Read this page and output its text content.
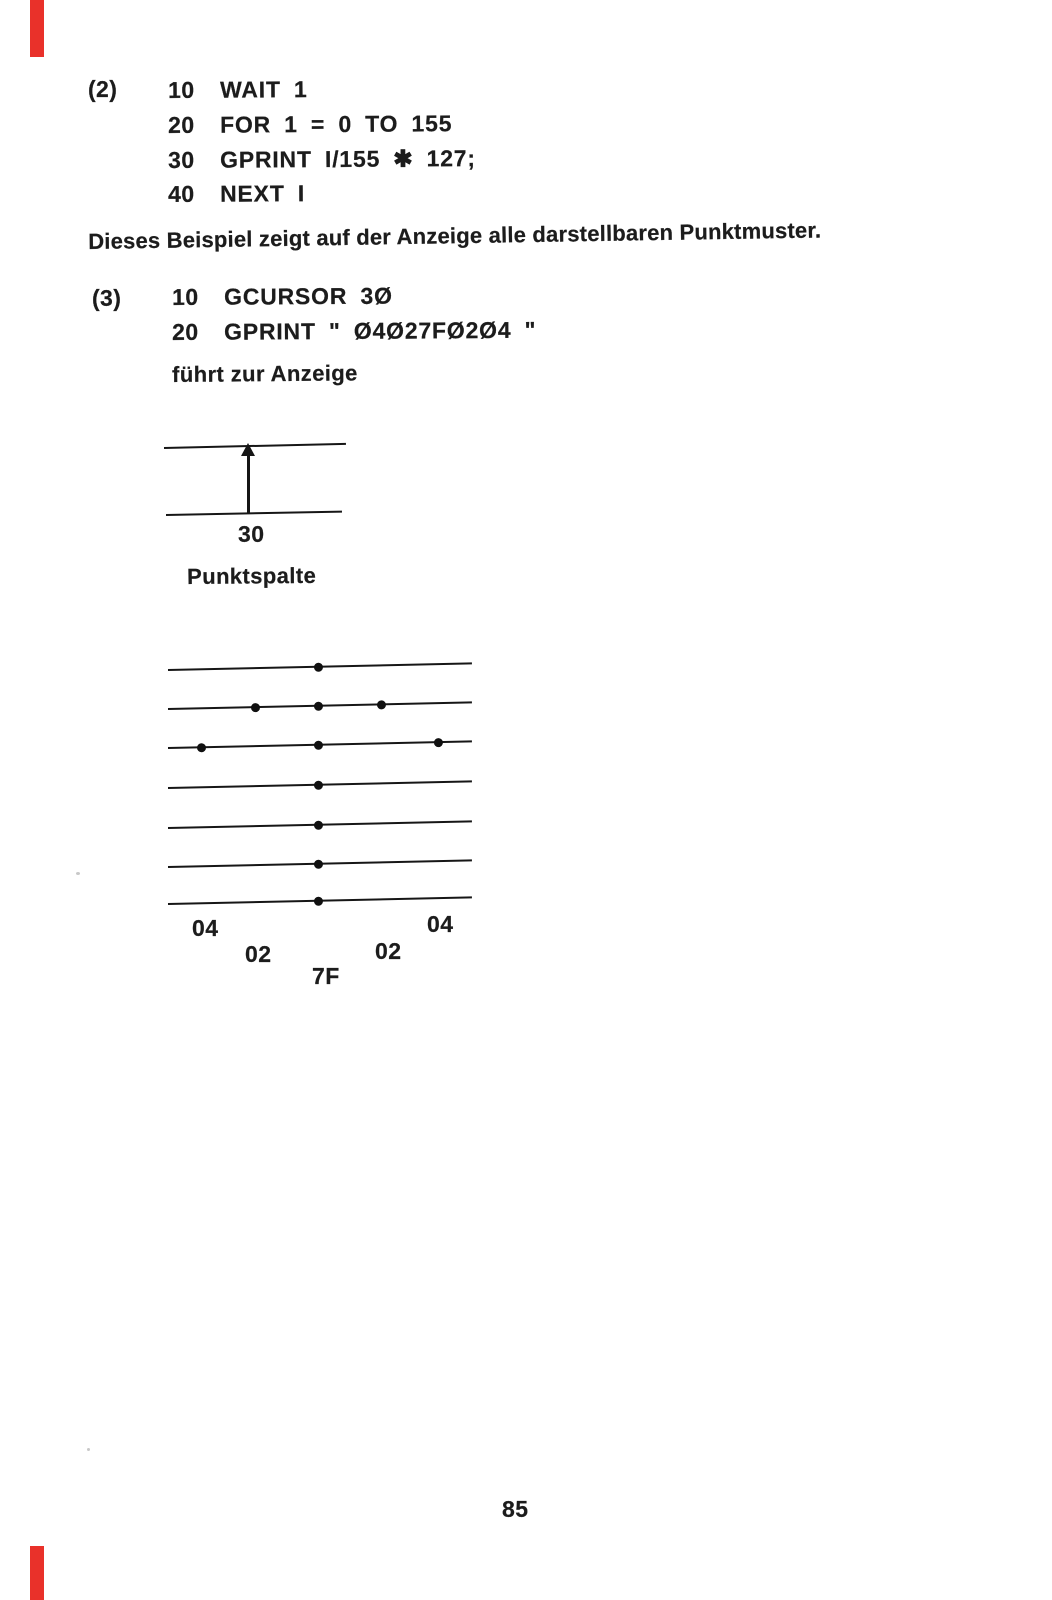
(2) 10 WAIT 1
20 FOR 1 = 0 TO 155
30 GPRINT I/155 ✱ 127;
40 NEXT I
Dieses Beispiel zeigt auf der Anzeige alle darstellbaren Punktmuster.
(3) 10 GCURSOR 3Ø
20 GPRINT " Ø4Ø27FØ2Ø4 "
führt zur Anzeige
30
Punktspalte
04
02
7F
02
04
85
